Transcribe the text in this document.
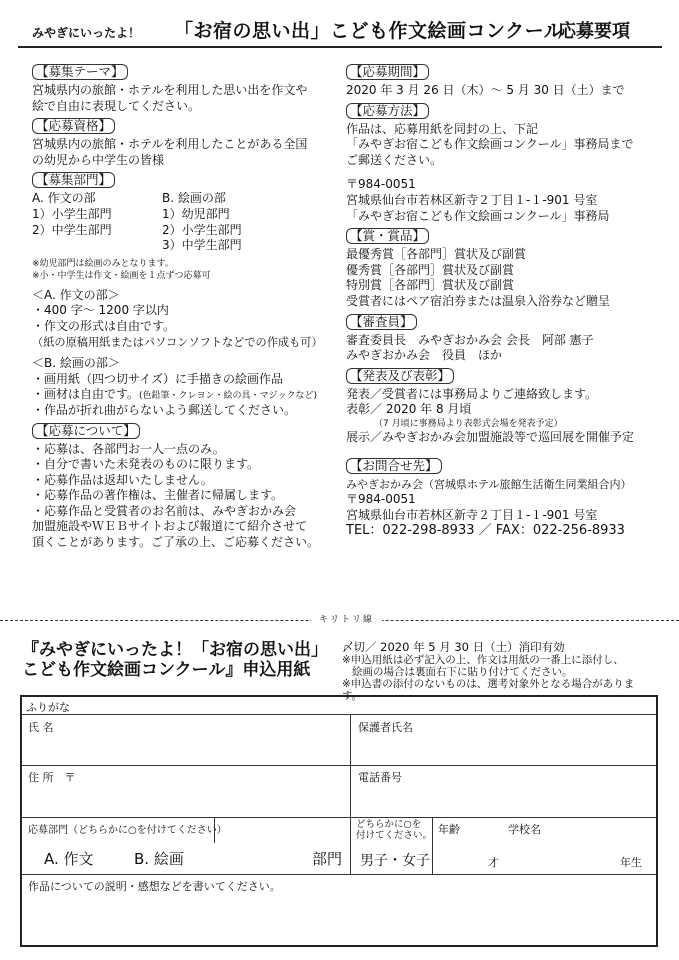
みやぎにいったよ！ 「お宿の思い出」こども作文絵画コンクール
応募要項
【募集テーマ】
宮城県内の旅館・ホテルを利用した思い出を作文や
絵で自由に表現してください。
【応募資格】
宮城県内の旅館・ホテルを利用したことがある全国
の幼児から中学生の皆様
【募集部門】
A. 作文の部
1）小学生部門
2）中学生部門
B. 絵画の部
1）幼児部門
2）小学生部門
3）中学生部門
※幼児部門は絵画のみとなります。
※小・中学生は作文・絵画を１点ずつ応募可
＜A. 作文の部＞
・400 字～ 1200 字以内
・作文の形式は自由です。
（紙の原稿用紙またはパソコンソフトなどでの作成も可）
＜B. 絵画の部＞
・画用紙（四つ切サイズ）に手描きの絵画作品
・画材は自由です。(色鉛筆・クレヨン・絵の具・マジックなど)
・作品が折れ曲がらないよう郵送してください。
【応募について】
・応募は、各部門お一人一点のみ。
・自分で書いた未発表のものに限ります。
・応募作品は返却いたしません。
・応募作品の著作権は、主催者に帰属します。
・応募作品と受賞者のお名前は、みやぎおかみ会
加盟施設やＷＥＢサイトおよび報道にて紹介させて
頂くことがあります。ご了承の上、ご応募ください。
【応募期間】
2020 年 3 月 26 日（木）～ 5 月 30 日（土）まで
【応募方法】
作品は、応募用紙を同封の上、下記
「みやぎお宿こども作文絵画コンクール」事務局まで
ご郵送ください。
〒984-0051
宮城県仙台市若林区新寺２丁目１-１-901 号室
「みやぎお宿こども作文絵画コンクール」事務局
【賞・賞品】
最優秀賞［各部門］賞状及び副賞
優秀賞［各部門］賞状及び副賞
特別賞［各部門］賞状及び副賞
受賞者にはペア宿泊券または温泉入浴券など贈呈
【審査員】
審査委員長　みやぎおかみ会 会長　阿部 憲子
みやぎおかみ会　役員　ほか
【発表及び表彰】
発表／受賞者には事務局よりご連絡致します。
表彰／ 2020 年 8 月頃
（7 月頃に事務局より表彰式会場を発表予定）
展示／みやぎおかみ会加盟施設等で巡回展を開催予定
【お問合せ先】
みやぎおかみ会（宮城県ホテル旅館生活衛生同業組合内）
〒984-0051
宮城県仙台市若林区新寺２丁目１-１-901 号室
TEL：022-298-8933 ／ FAX：022-256-8933
キリトリ線
『みやぎにいったよ！「お宿の思い出」
こども作文絵画コンクール』申込用紙
〆切／ 2020 年 5 月 30 日（土）消印有効
※申込用紙は必ず記入の上、作文は用紙の一番上に添付し、
絵画の場合は裏面右下に貼り付けてください。
※申込書の添付のないものは、選考対象外となる場合があります。
ふりがな
氏 名	保護者氏名
住 所　〒	電話番号
応募部門（どちらかに○を付けてください）
A. 作文	B. 絵画	部門
どちらかに○を
付けてください。
男子・女子
年齢	学校名
才	年生
作品についての説明・感想などを書いてください。
